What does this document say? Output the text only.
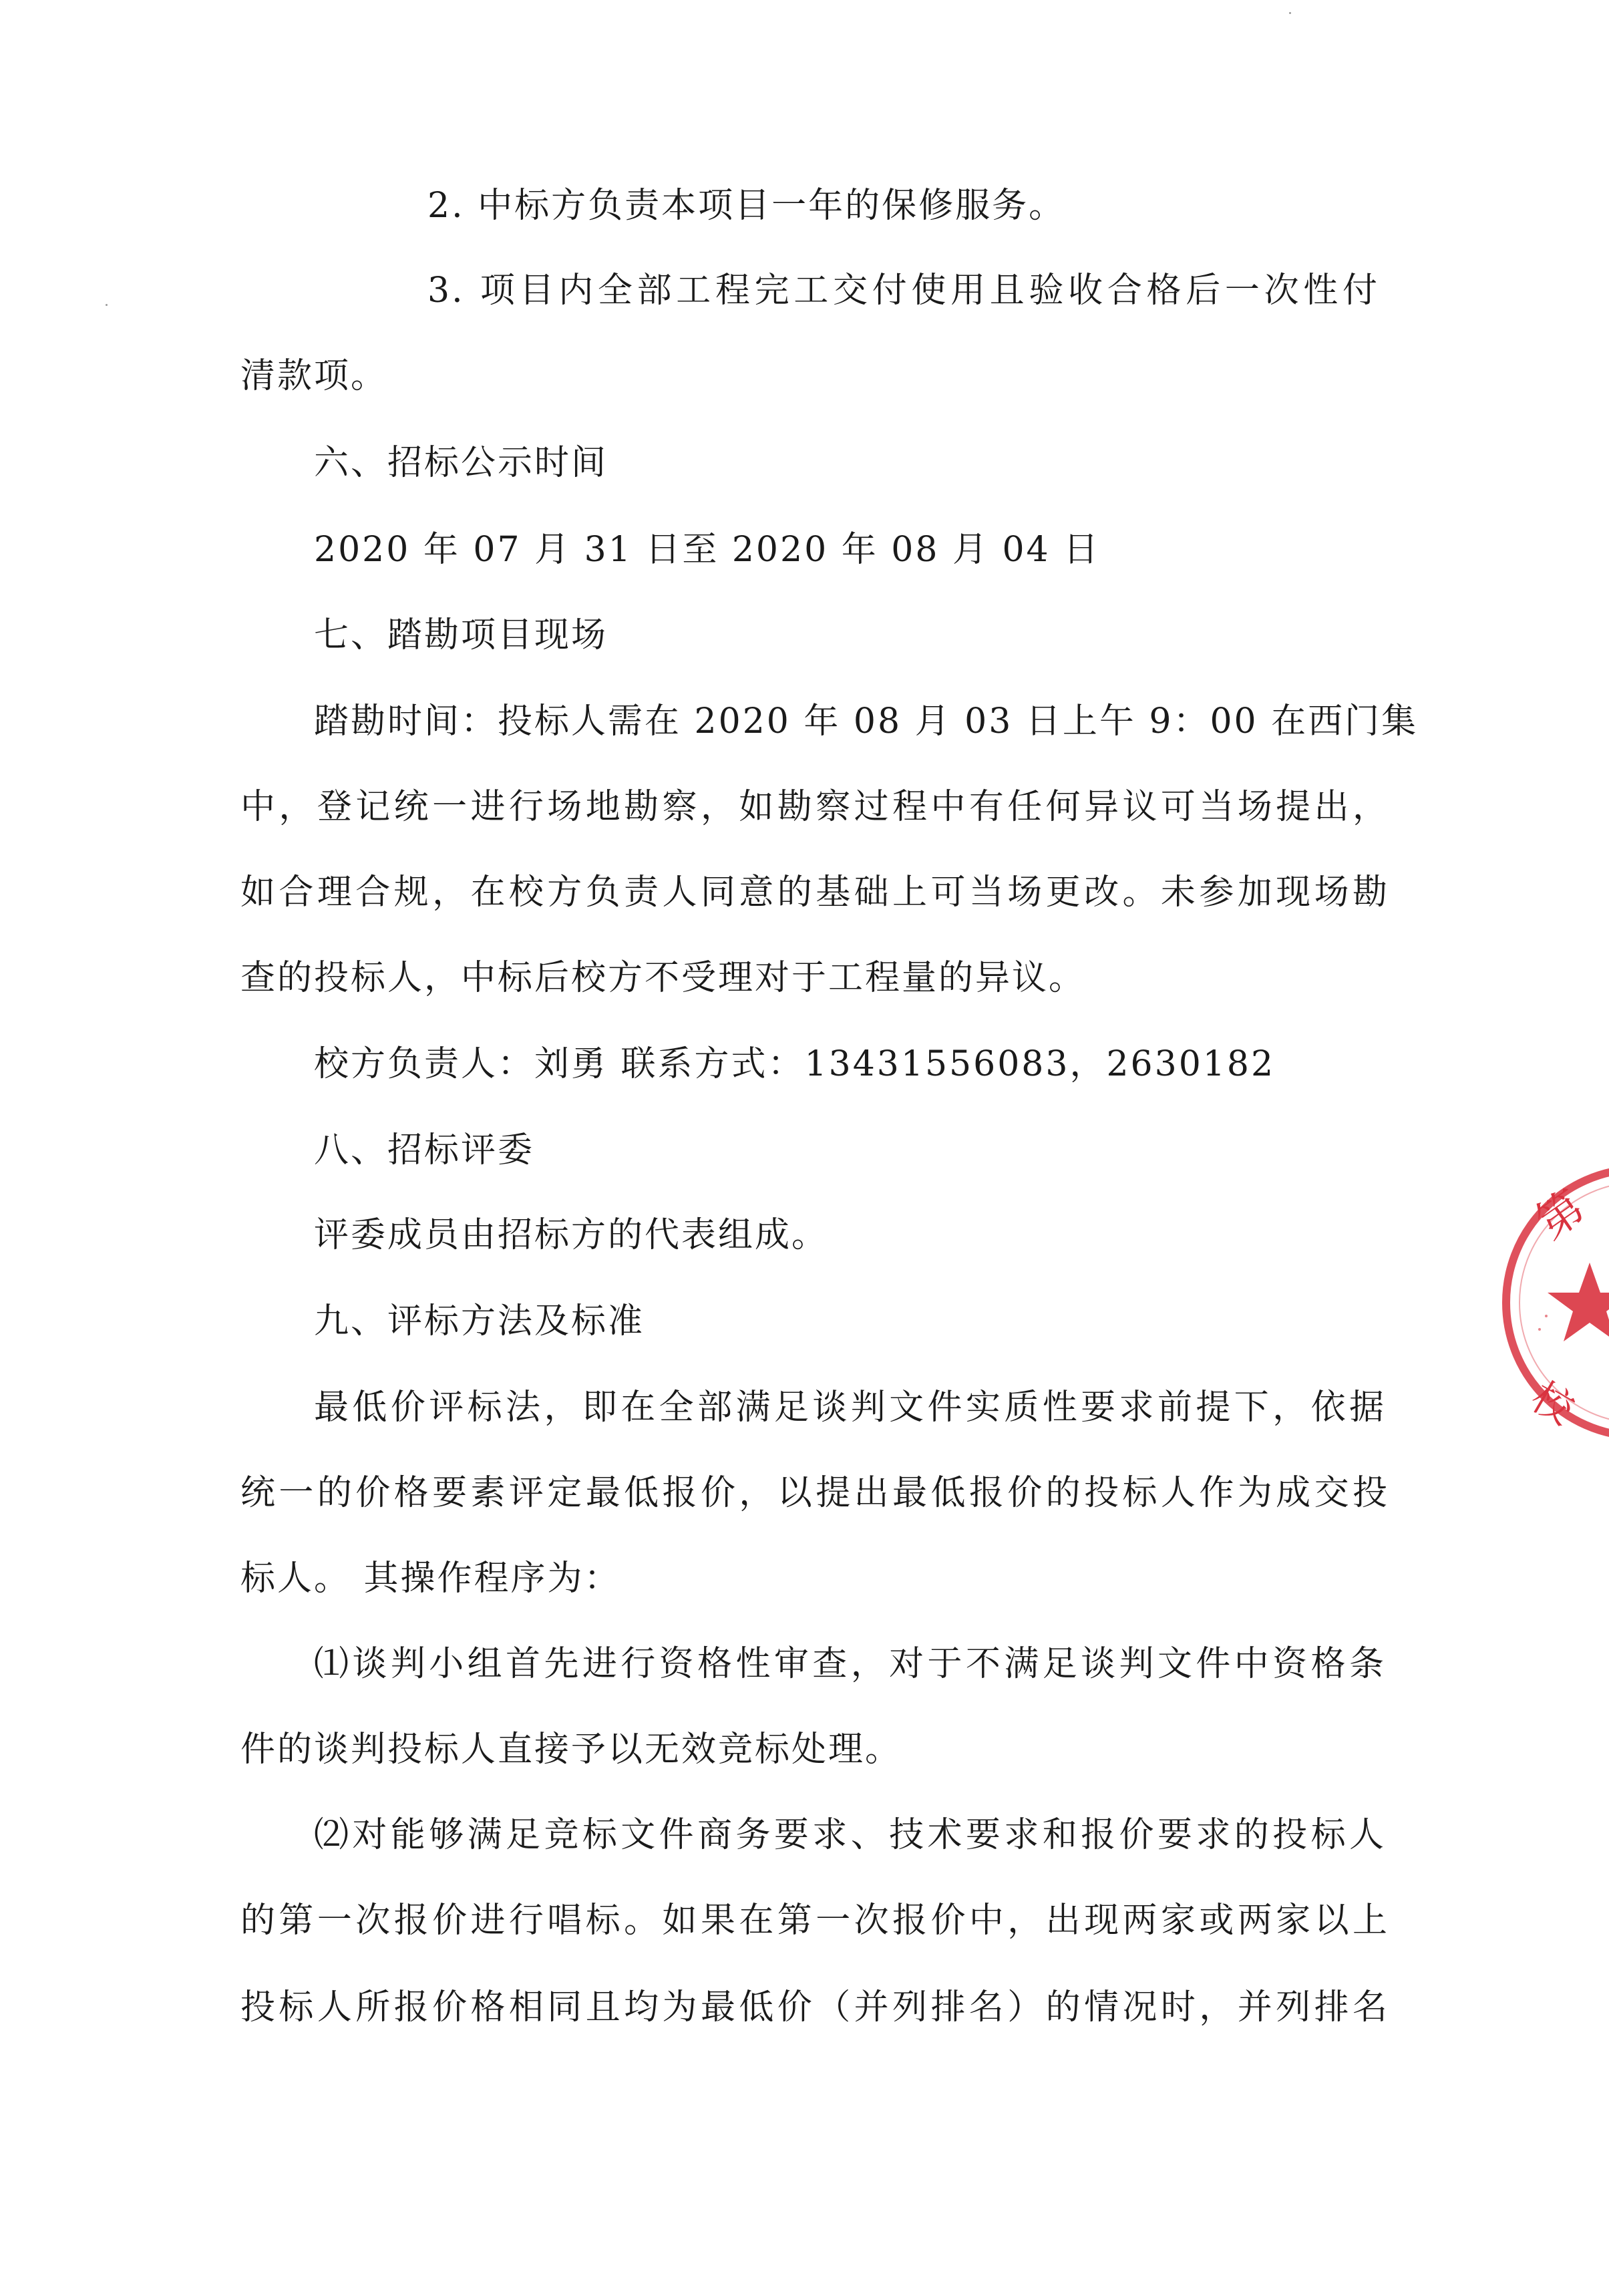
2. 中标方负责本项目一年的保修服务。
3. 项目内全部工程完工交付使用且验收合格后一次性付
清款项。
六、招标公示时间
2020 年 07 月 31 日至 2020 年 08 月 04 日
七、踏勘项目现场
踏勘时间：投标人需在 2020 年 08 月 03 日上午 9：00 在西门集
中，登记统一进行场地勘察，如勘察过程中有任何异议可当场提出，
如合理合规，在校方负责人同意的基础上可当场更改。未参加现场勘
查的投标人，中标后校方不受理对于工程量的异议。
校方负责人：刘勇 联系方式：13431556083，2630182
八、招标评委
评委成员由招标方的代表组成。
九、评标方法及标准
最低价评标法，即在全部满足谈判文件实质性要求前提下，依据
统一的价格要素评定最低报价，以提出最低报价的投标人作为成交投
标人。 其操作程序为：
⑴谈判小组首先进行资格性审查，对于不满足谈判文件中资格条
件的谈判投标人直接予以无效竞标处理。
⑵对能够满足竞标文件商务要求、技术要求和报价要求的投标人
的第一次报价进行唱标。如果在第一次报价中，出现两家或两家以上
投标人所报价格相同且均为最低价（并列排名）的情况时，并列排名
第
校
